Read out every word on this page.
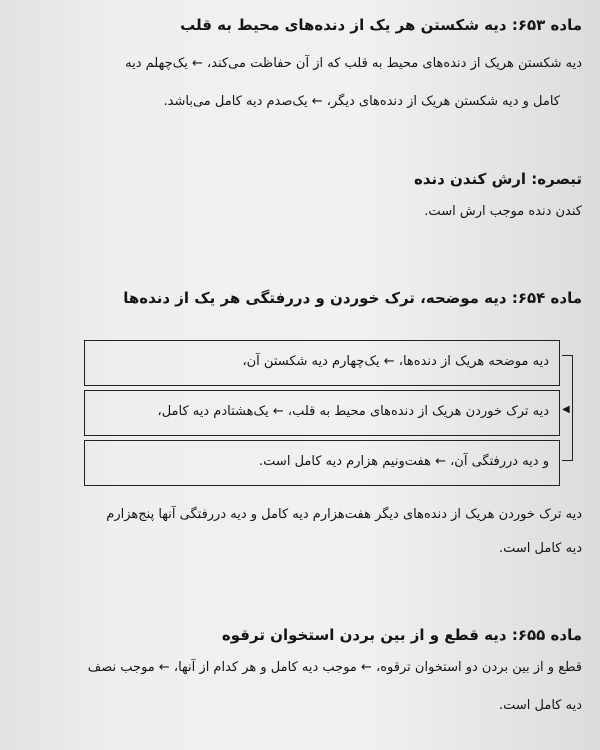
ماده ۶۵۳: دیه شکستن هر یک از دنده‌های محیط به قلب
دیه شکستن هریک از دنده‌های محیط به قلب که از آن حفاظت می‌کند، ← یک‌چهلم دیه
کامل و دیه شکستن هریک از دنده‌های دیگر، ← یک‌صدم دیه کامل می‌باشد.
تبصره: ارش کندن دنده
کندن دنده موجب ارش است.
ماده ۶۵۴: دیه موضحه، ترک خوردن و دررفتگی هر یک از دنده‌ها
دیه موضحه هریک از دنده‌ها، ← یک‌چهارم دیه شکستن آن،
دیه ترک خوردن هریک از دنده‌های محیط به قلب، ← یک‌هشتادم دیه کامل،
و دیه دررفتگی آن، ← هفت‌ونیم هزارم دیه کامل است.
◀
دیه ترک خوردن هریک از دنده‌های دیگر هفت‌هزارم دیه کامل و دیه دررفتگی آنها پنج‌هزارم
دیه کامل است.
ماده ۶۵۵: دیه قطع و از بین بردن استخوان ترقوه
قطع و از بین بردن دو استخوان ترقوه، ← موجب دیه کامل و هر کدام از آنها، ← موجب نصف
دیه کامل است.
